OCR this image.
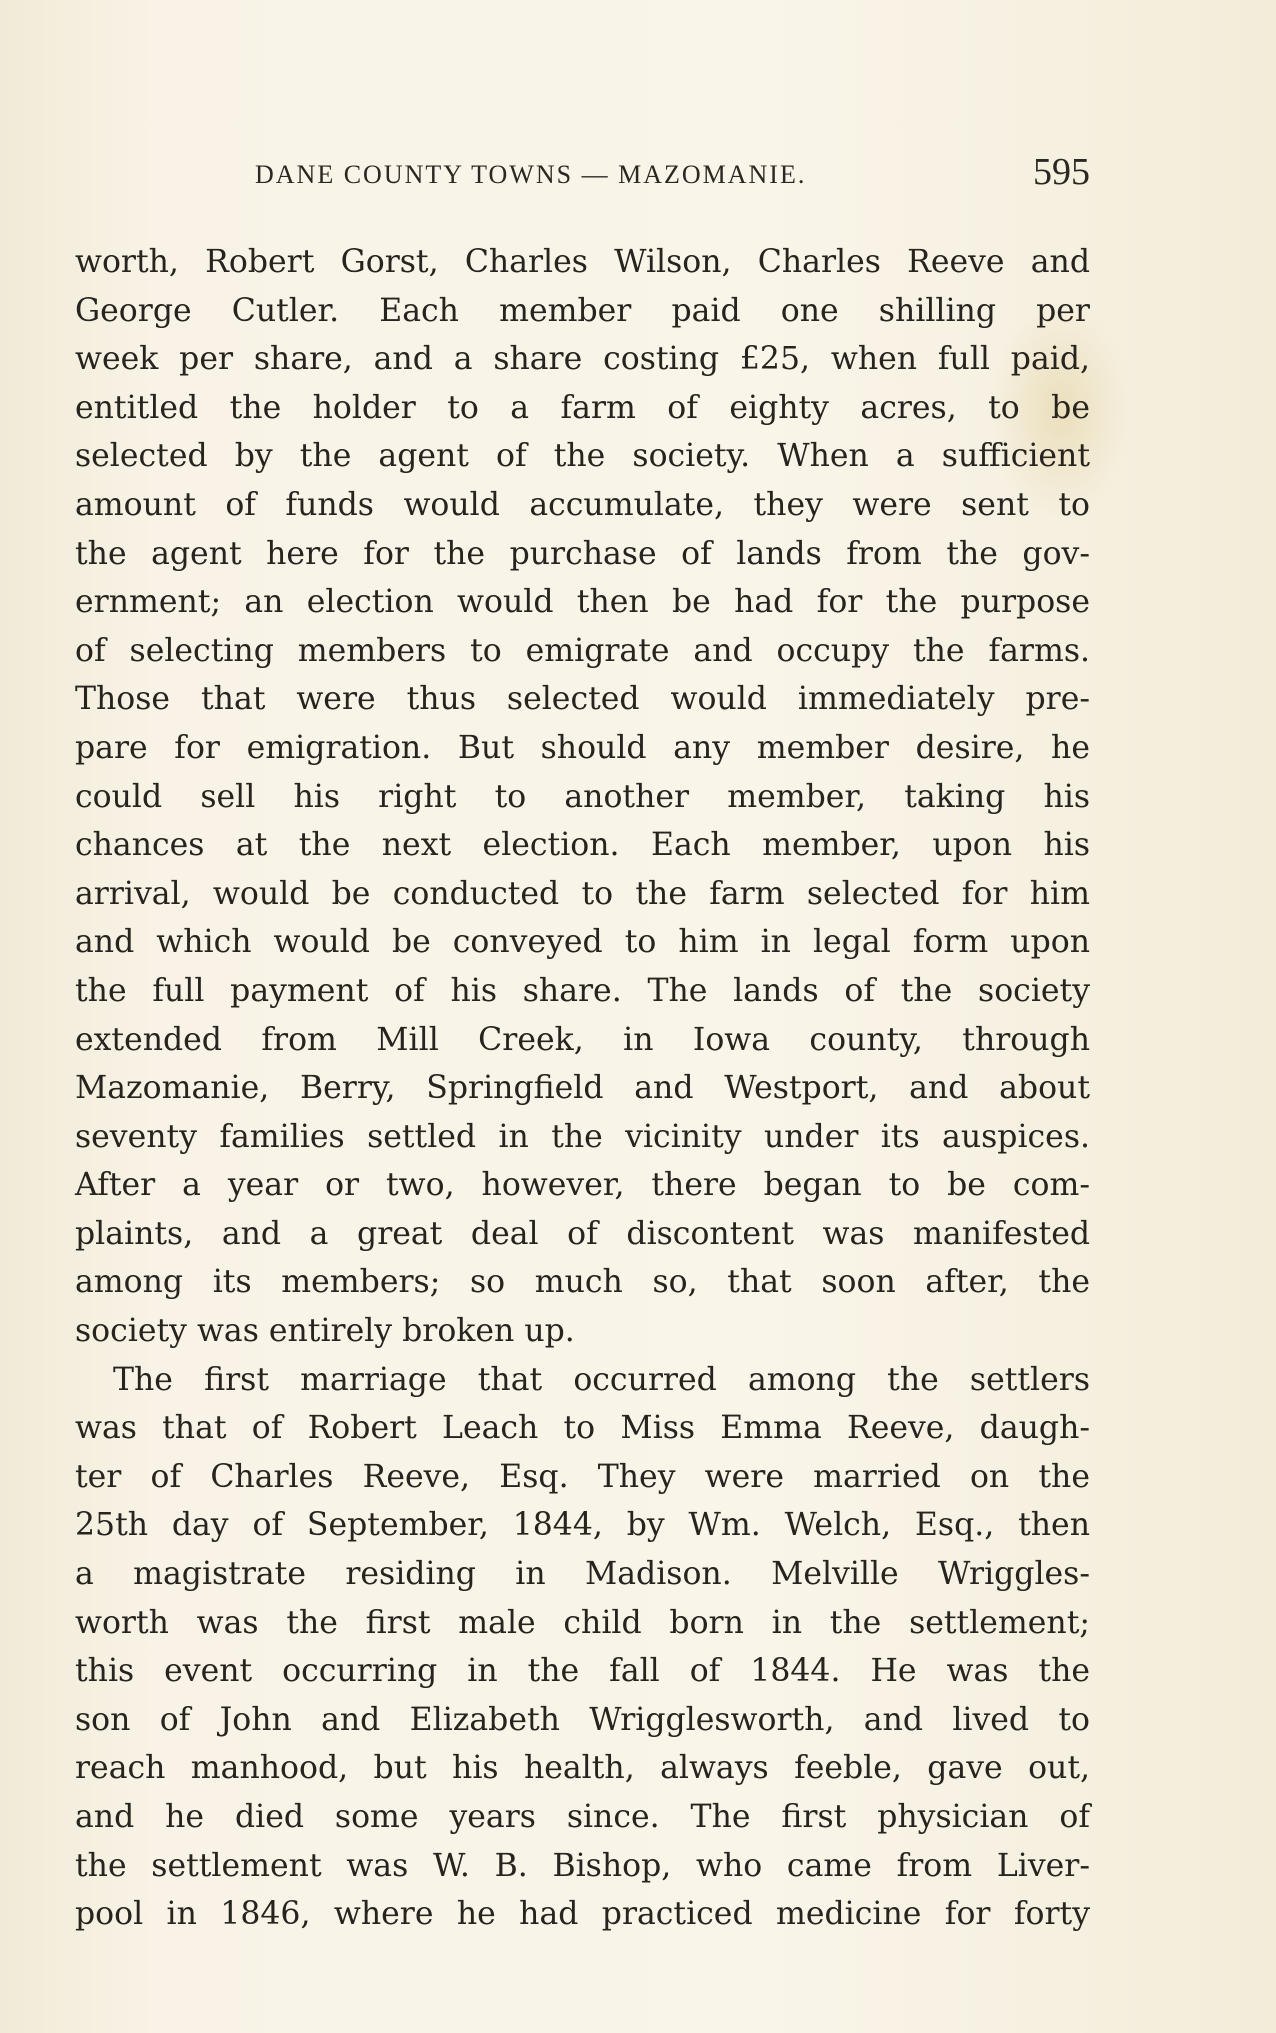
DANE COUNTY TOWNS — MAZOMANIE.	595
worth, Robert Gorst, Charles Wilson, Charles Reeve and
George Cutler. Each member paid one shilling per
week per share, and a share costing £25, when full paid,
entitled the holder to a farm of eighty acres, to be
selected by the agent of the society. When a sufficient
amount of funds would accumulate, they were sent to
the agent here for the purchase of lands from the gov-
ernment; an election would then be had for the purpose
of selecting members to emigrate and occupy the farms.
Those that were thus selected would immediately pre-
pare for emigration. But should any member desire, he
could sell his right to another member, taking his
chances at the next election. Each member, upon his
arrival, would be conducted to the farm selected for him
and which would be conveyed to him in legal form upon
the full payment of his share. The lands of the society
extended from Mill Creek, in Iowa county, through
Mazomanie, Berry, Springfield and Westport, and about
seventy families settled in the vicinity under its auspices.
After a year or two, however, there began to be com-
plaints, and a great deal of discontent was manifested
among its members; so much so, that soon after, the
society was entirely broken up.
The first marriage that occurred among the settlers
was that of Robert Leach to Miss Emma Reeve, daugh-
ter of Charles Reeve, Esq. They were married on the
25th day of September, 1844, by Wm. Welch, Esq., then
a magistrate residing in Madison. Melville Wriggles-
worth was the first male child born in the settlement;
this event occurring in the fall of 1844. He was the
son of John and Elizabeth Wrigglesworth, and lived to
reach manhood, but his health, always feeble, gave out,
and he died some years since. The first physician of
the settlement was W. B. Bishop, who came from Liver-
pool in 1846, where he had practiced medicine for forty
